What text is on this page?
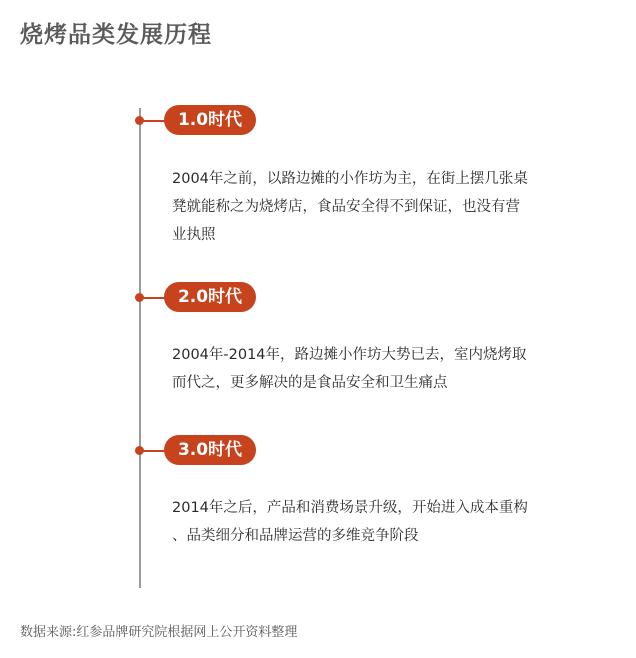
烧烤品类发展历程
1.0时代
2004年之前，以路边摊的小作坊为主，在街上摆几张桌
凳就能称之为烧烤店，食品安全得不到保证，也没有营
业执照
2.0时代
2004年-2014年，路边摊小作坊大势已去，室内烧烤取
而代之，更多解决的是食品安全和卫生痛点
3.0时代
2014年之后，产品和消费场景升级，开始进入成本重构
、品类细分和品牌运营的多维竞争阶段
数据来源:红参品牌研究院根据网上公开资料整理
